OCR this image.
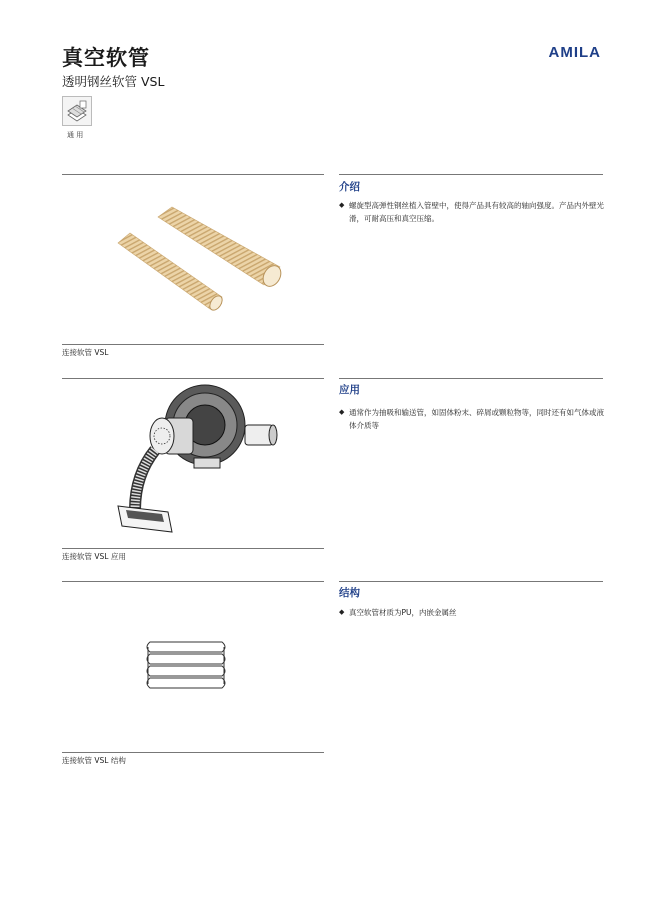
真空软管
透明钢丝软管 VSL
AMILA
通 用
介绍
◆ 螺旋型高弹性钢丝植入管壁中，使得产品具有较高的轴向强度。产品内外壁光滑，可耐高压和真空压缩。
连接软管 VSL
应用
◆ 通常作为抽吸和输送管，如固体粉末、碎屑或颗粒物等，同时还有如气体或液体介质等
连接软管 VSL 应用
结构
◆ 真空软管材质为PU，内嵌金属丝
连接软管 VSL 结构
